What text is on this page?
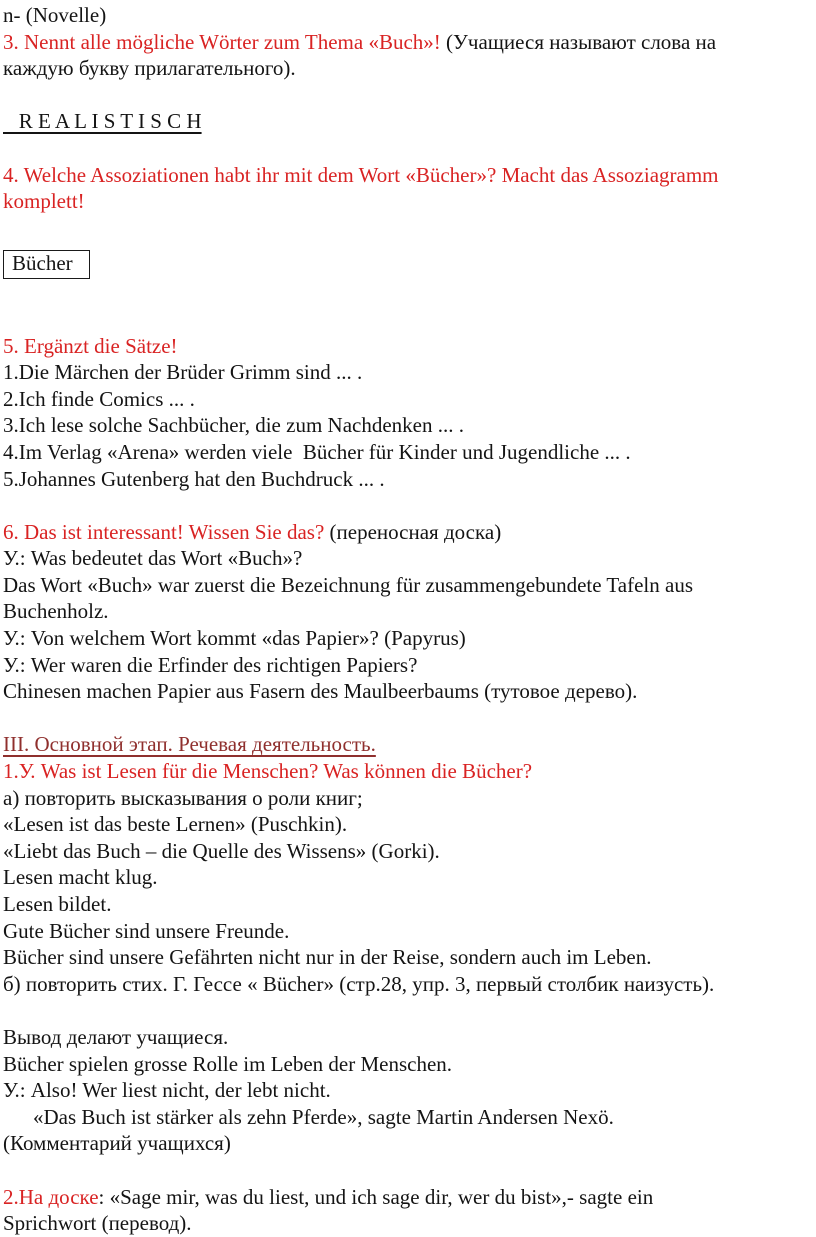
n- (Novelle)
3. Nennt alle mögliche Wörter zum Thema «Buch»! (Учащиеся называют слова на
каждую букву прилагательного).

R E A L I S T I S C H

4. Welche Assoziationen habt ihr mit dem Wort «Bücher»? Macht das Assoziagramm
komplett!

Bücher

5. Ergänzt die Sätze!
1.Die Märchen der Brüder Grimm sind ... .
2.Ich finde Comics ... .
3.Ich lese solche Sachbücher, die zum Nachdenken ... .
4.Im Verlag «Arena» werden viele  Bücher für Kinder und Jugendliche ... .
5.Johannes Gutenberg hat den Buchdruck ... .

6. Das ist interessant! Wissen Sie das? (переносная доска)
У.: Was bedeutet das Wort «Buch»?
Das Wort «Buch» war zuerst die Bezeichnung für zusammengebundete Tafeln aus
Buchenholz.
У.: Von welchem Wort kommt «das Papier»? (Papyrus)
У.: Wer waren die Erfinder des richtigen Papiers?
Chinesen machen Papier aus Fasern des Maulbeerbaums (тутовое дерево).

III. Основной этап. Речевая деятельность.
1.У. Was ist Lesen für die Menschen? Was können die Bücher?
а) повторить высказывания о роли книг;
«Lesen ist das beste Lernen» (Puschkin).
«Liebt das Buch – die Quelle des Wissens» (Gorki).
Lesen macht klug.
Lesen bildet.
Gute Bücher sind unsere Freunde.
Bücher sind unsere Gefährten nicht nur in der Reise, sondern auch im Leben.
б) повторить стих. Г. Гессе « Bücher» (стр.28, упр. 3, первый столбик наизусть).

Вывод делают учащиеся.
Bücher spielen grosse Rolle im Leben der Menschen.
У.: Also! Wer liest nicht, der lebt nicht.
«Das Buch ist stärker als zehn Pferde», sagte Martin Andersen Nexö.
(Комментарий учащихся)

2.На доске: «Sage mir, was du liest, und ich sage dir, wer du bist»,- sagte ein
Sprichwort (перевод).
